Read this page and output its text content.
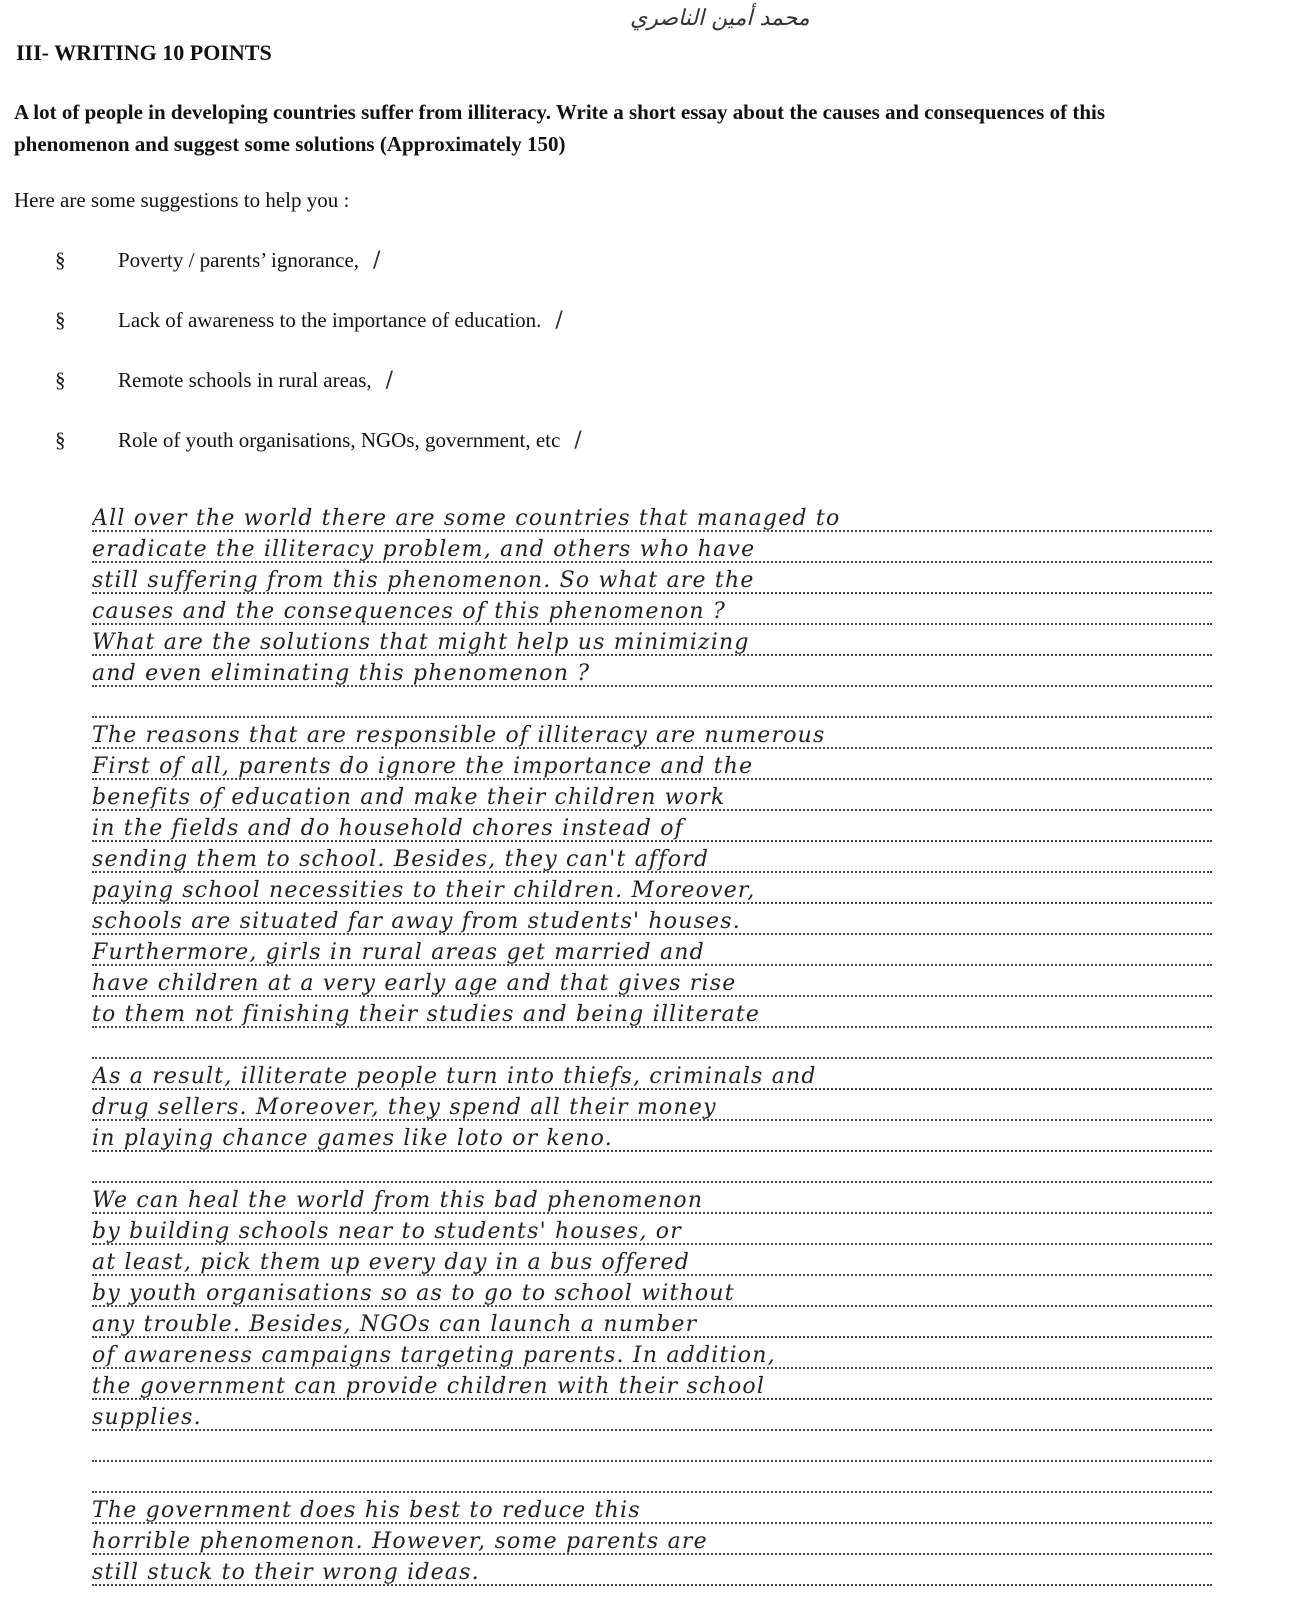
محمد أمين الناصري
III- WRITING 10 POINTS
A lot of people in developing countries suffer from illiteracy. Write a short essay about the causes and consequences of this phenomenon and suggest some solutions (Approximately 150)
Here are some suggestions to help you :
§	Poverty / parents’ ignorance, /
§	Lack of awareness to the importance of education. /
§	Remote schools in rural areas, /
§	Role of youth organisations, NGOs, government, etc /
All over the world there are some countries that managed to
eradicate the illiteracy problem, and others who have
still suffering from this phenomenon. So what are the
causes and the consequences of this phenomenon ?
What are the solutions that might help us minimizing
and even eliminating this phenomenon ?
The reasons that are responsible of illiteracy are numerous
First of all, parents do ignore the importance and the
benefits of education and make their children work
in the fields and do household chores instead of
sending them to school. Besides, they can't afford
paying school necessities to their children. Moreover,
schools are situated far away from students' houses.
Furthermore, girls in rural areas get married and
have children at a very early age and that gives rise
to them not finishing their studies and being illiterate
As a result, illiterate people turn into thiefs, criminals and
drug sellers. Moreover, they spend all their money
in playing chance games like loto or keno.
We can heal the world from this bad phenomenon
by building schools near to students' houses, or
at least, pick them up every day in a bus offered
by youth organisations so as to go to school without
any trouble. Besides, NGOs can launch a number
of awareness campaigns targeting parents. In addition,
the government can provide children with their school
supplies.
The government does his best to reduce this
horrible phenomenon. However, some parents are
still stuck to their wrong ideas.
